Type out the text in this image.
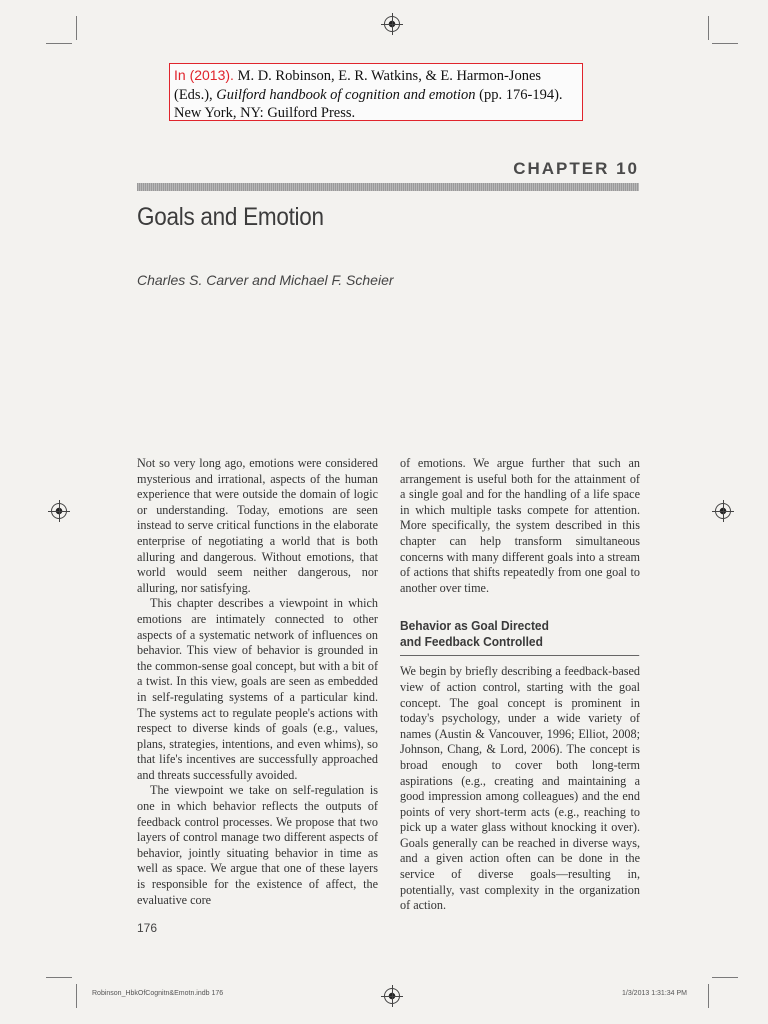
In (2013). M. D. Robinson, E. R. Watkins, & E. Harmon-Jones
(Eds.), Guilford handbook of cognition and emotion (pp. 176-194).
New York, NY: Guilford Press.
CHAPTER 10
Goals and Emotion
Charles S. Carver and Michael F. Scheier

Not so very long ago, emotions were considered mysterious and irrational, aspects of the human experience that were outside the domain of logic or understanding. Today, emotions are seen instead to serve critical functions in the elaborate enterprise of negotiating a world that is both alluring and dangerous. Without emotions, that world would seem neither dangerous, nor alluring, nor satisfying.

This chapter describes a viewpoint in which emotions are intimately connected to other aspects of a systematic network of influences on behavior. This view of behavior is grounded in the common-sense goal concept, but with a bit of a twist. In this view, goals are seen as embedded in self-regulating systems of a particular kind. The systems act to regulate people's actions with respect to diverse kinds of goals (e.g., values, plans, strategies, intentions, and even whims), so that life's incentives are successfully approached and threats successfully avoided.

The viewpoint we take on self-regulation is one in which behavior reflects the outputs of feedback control processes. We propose that two layers of control manage two different aspects of behavior, jointly situating behavior in time as well as space. We argue that one of these layers is responsible for the existence of affect, the evaluative core

of emotions. We argue further that such an arrangement is useful both for the attainment of a single goal and for the handling of a life space in which multiple tasks compete for attention. More specifically, the system described in this chapter can help transform simultaneous concerns with many different goals into a stream of actions that shifts repeatedly from one goal to another over time.

Behavior as Goal Directed
and Feedback Controlled

We begin by briefly describing a feedback-based view of action control, starting with the goal concept. The goal concept is prominent in today's psychology, under a wide variety of names (Austin & Vancouver, 1996; Elliot, 2008; Johnson, Chang, & Lord, 2006). The concept is broad enough to cover both long-term aspirations (e.g., creating and maintaining a good impression among colleagues) and the end points of very short-term acts (e.g., reaching to pick up a water glass without knocking it over). Goals generally can be reached in diverse ways, and a given action often can be done in the service of diverse goals—resulting in, potentially, vast complexity in the organization of action.

176
Robinson_HbkOfCognitn&Emotn.indb 176	1/3/2013 1:31:34 PM
